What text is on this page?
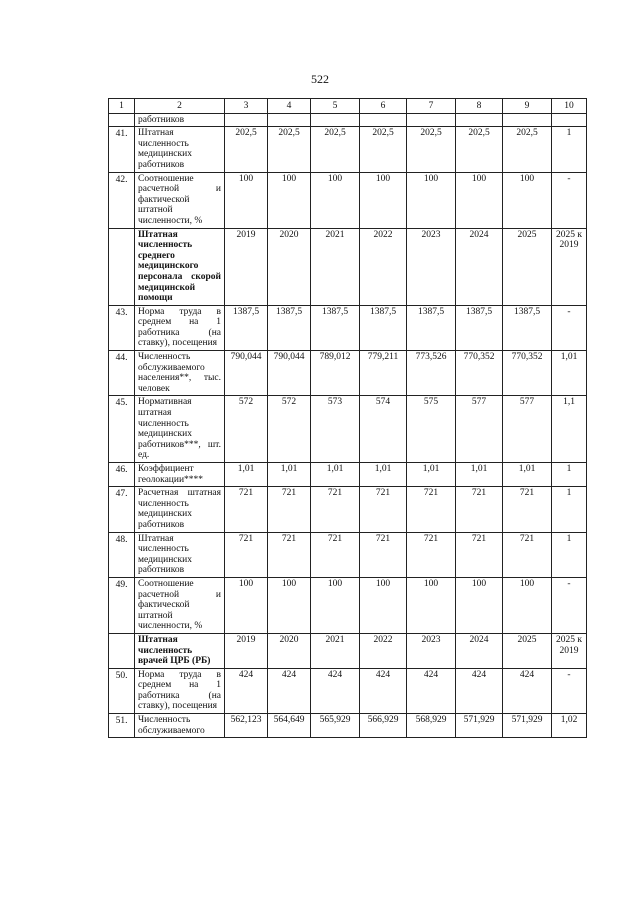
522
1	2	3	4	5	6	7	8	9	10
	работников								
41.	Штатная численность медицинских работников	202,5	202,5	202,5	202,5	202,5	202,5	202,5	1
42.	Соотношение расчетной и фактической штатной численности, %	100	100	100	100	100	100	100	-
	Штатная численность среднего медицинского персонала скорой медицинской помощи	2019	2020	2021	2022	2023	2024	2025	2025 к 2019
43.	Норма труда в среднем на 1 работника (на ставку), посещения	1387,5	1387,5	1387,5	1387,5	1387,5	1387,5	1387,5	-
44.	Численность обслуживаемого населения**, тыс. человек	790,044	790,044	789,012	779,211	773,526	770,352	770,352	1,01
45.	Нормативная штатная численность медицинских работников***, шт. ед.	572	572	573	574	575	577	577	1,1
46.	Коэффициент геолокации****	1,01	1,01	1,01	1,01	1,01	1,01	1,01	1
47.	Расчетная штатная численность медицинских работников	721	721	721	721	721	721	721	1
48.	Штатная численность медицинских работников	721	721	721	721	721	721	721	1
49.	Соотношение расчетной и фактической штатной численности, %	100	100	100	100	100	100	100	-
	Штатная численность врачей ЦРБ (РБ)	2019	2020	2021	2022	2023	2024	2025	2025 к 2019
50.	Норма труда в среднем на 1 работника (на ставку), посещения	424	424	424	424	424	424	424	-
51.	Численность обслуживаемого	562,123	564,649	565,929	566,929	568,929	571,929	571,929	1,02
